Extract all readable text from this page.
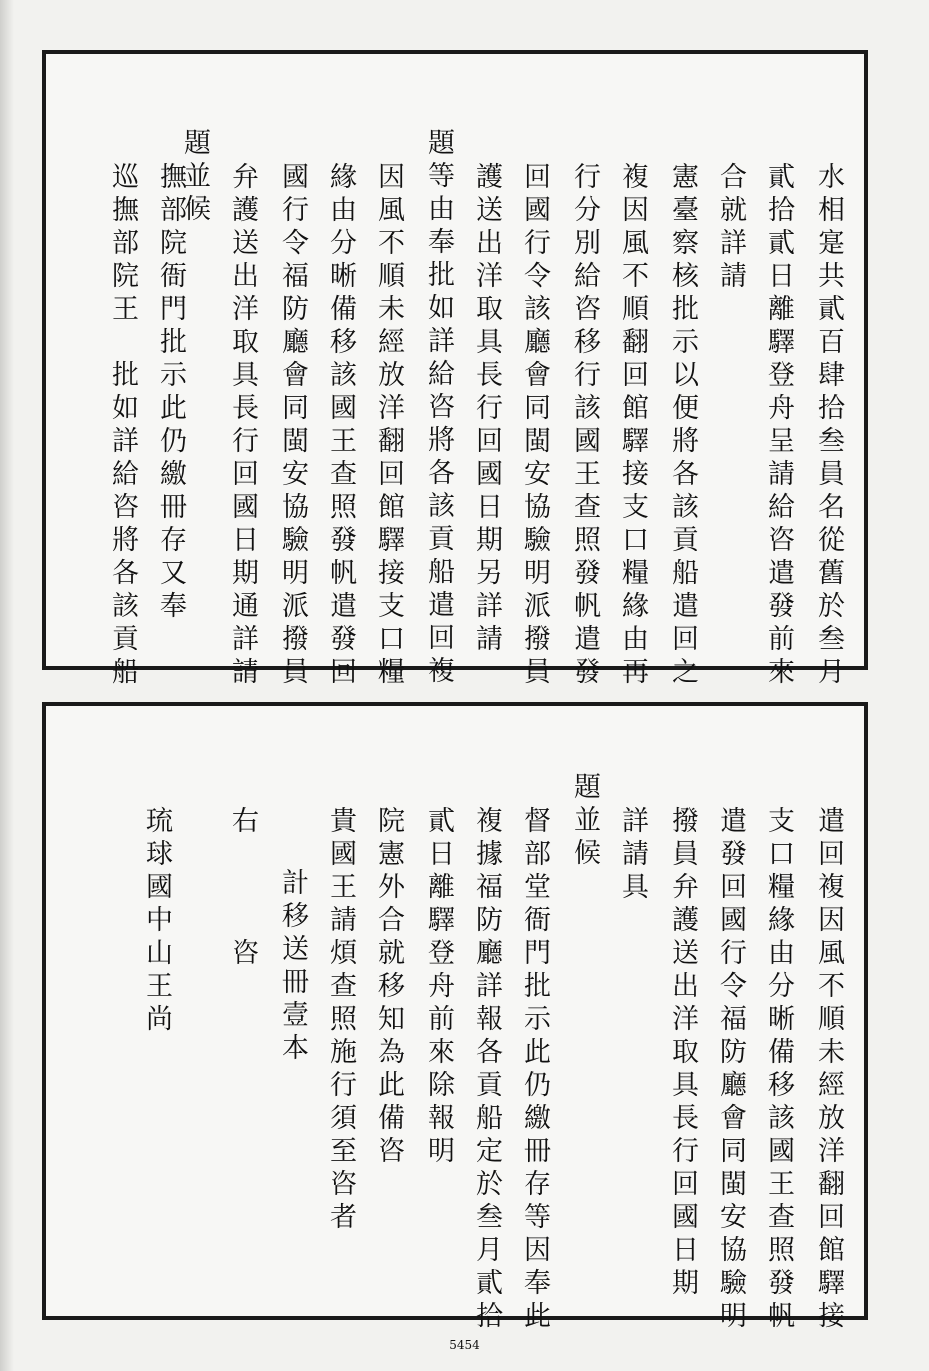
水相寔共貳百肆拾叁員名從舊於叁月
貳拾貳日離驛登舟呈請給咨遣發前來
合就詳請
憲臺察核批示以便將各該貢船遣回之
複因風不順翻回館驛接支口糧緣由再
行分別給咨移行該國王查照發帆遣發
回國行令該廳會同閩安協驗明派撥員
護送出洋取具長行回國日期另詳請
題等由奉批如詳給咨將各該貢船遣回複
因風不順未經放洋翻回館驛接支口糧
緣由分晰備移該國王查照發帆遣發回
國行令福防廳會同閩安協驗明派撥員
弁護送出洋取具長行回國日期通詳請
題並候
撫部院衙門批示此仍繳冊存又奉
巡撫部院王　批如詳給咨將各該貢船
遣回複因風不順未經放洋翻回館驛接
支口糧緣由分晰備移該國王查照發帆
遣發回國行令福防廳會同閩安協驗明
撥員弁護送出洋取具長行回國日期
詳請具
題並候
督部堂衙門批示此仍繳冊存等因奉此
複據福防廳詳報各貢船定於叁月貳拾
貳日離驛登舟前來除報明
院憲外合就移知為此備咨
貴國王請煩查照施行須至咨者
計移送冊壹本
右　　　咨
琉球國中山王尚
5454
